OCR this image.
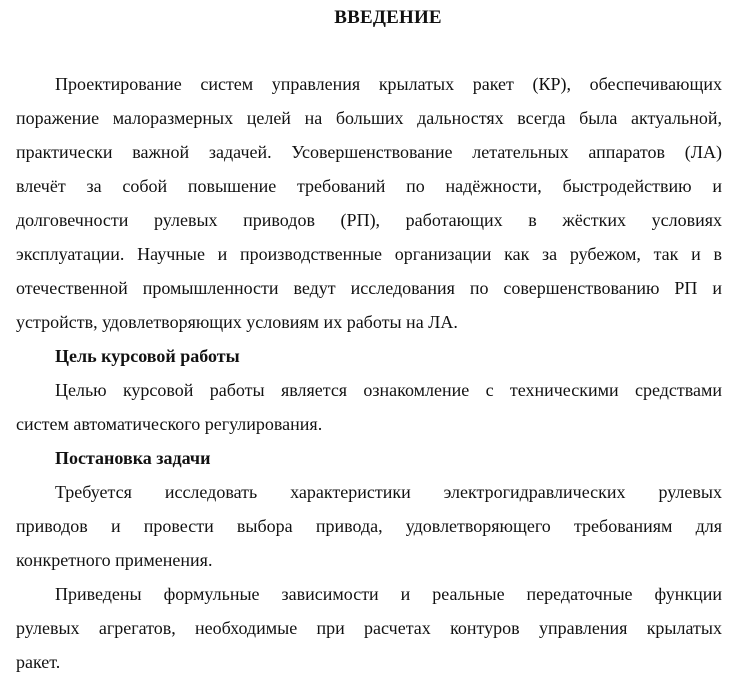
ВВЕДЕНИЕ
Проектирование систем управления крылатых ракет (КР), обеспечивающих
поражение малоразмерных целей на больших дальностях всегда была актуальной,
практически важной задачей. Усовершенствование летательных аппаратов (ЛА)
влечёт за собой повышение требований по надёжности, быстродействию и
долговечности рулевых приводов (РП), работающих в жёстких условиях
эксплуатации. Научные и производственные организации как за рубежом, так и в
отечественной промышленности ведут исследования по совершенствованию РП и
устройств, удовлетворяющих условиям их работы на ЛА.
Цель курсовой работы
Целью курсовой работы является ознакомление с техническими средствами
систем автоматического регулирования.
Постановка задачи
Требуется исследовать характеристики электрогидравлических рулевых
приводов и провести выбора привода, удовлетворяющего требованиям для
конкретного применения.
Приведены формульные зависимости и реальные передаточные функции
рулевых агрегатов, необходимые при расчетах контуров управления крылатых
ракет.
